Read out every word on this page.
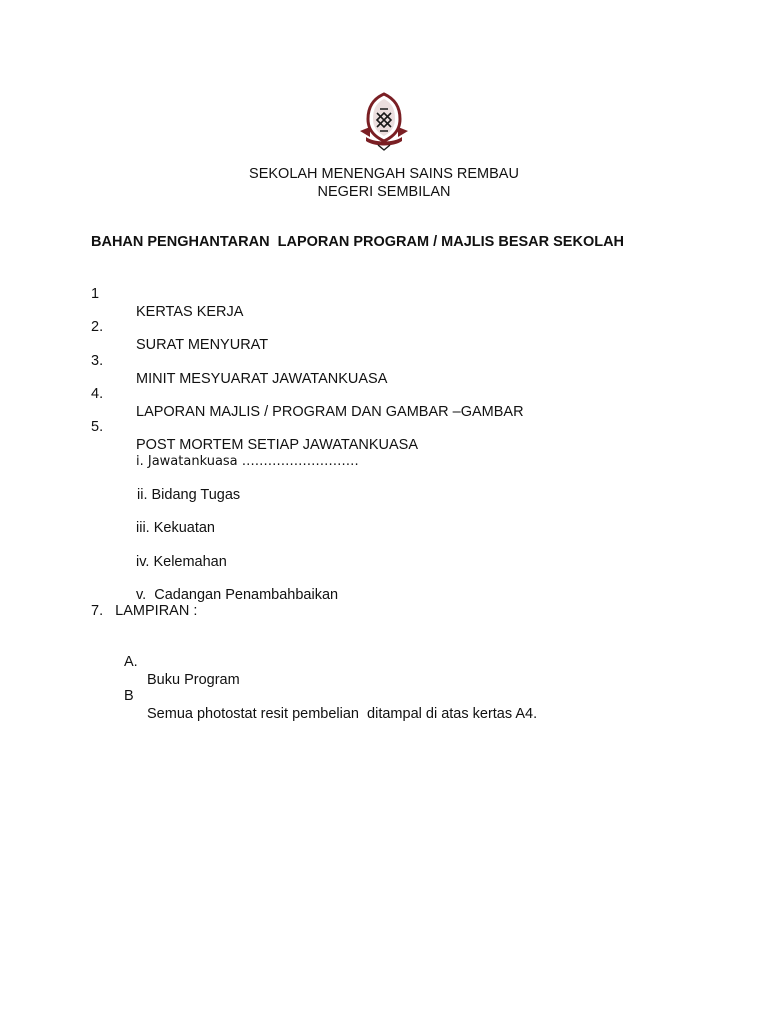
SEKOLAH MENENGAH SAINS REMBAU
NEGERI SEMBILAN
BAHAN PENGHANTARAN  LAPORAN PROGRAM / MAJLIS BESAR SEKOLAH

1

KERTAS KERJA

2.

SURAT MENYURAT

3.

MINIT MESYUARAT JAWATANKUASA

4.

LAPORAN MAJLIS / PROGRAM DAN GAMBAR –GAMBAR

5.

POST MORTEM SETIAP JAWATANKUASA

i. Jawatankuasa ………………………

ii. Bidang Tugas

iii. Kekuatan

iv. Kelemahan

v.  Cadangan Penambahbaikan

7.   LAMPIRAN :

A.

Buku Program

B

Semua photostat resit pembelian  ditampal di atas kertas A4.
